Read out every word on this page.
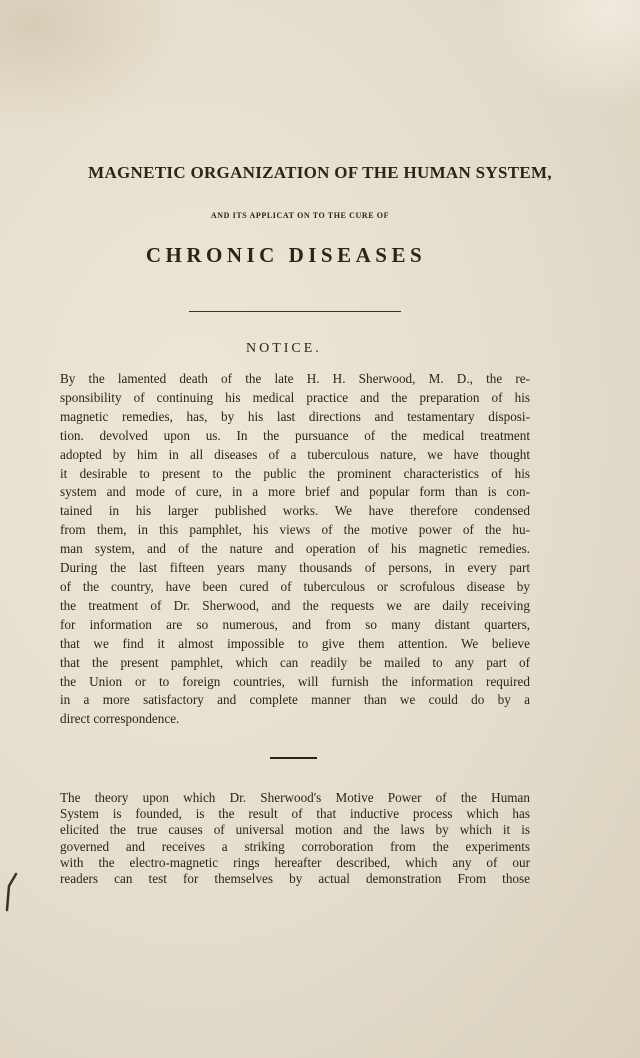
MAGNETIC ORGANIZATION OF THE HUMAN SYSTEM,
AND ITS APPLICAT ON TO THE CURE OF
CHRONIC DISEASES
NOTICE.
By the lamented death of the late H. H. Sherwood, M. D., the re-
sponsibility of continuing his medical practice and the preparation of his
magnetic remedies, has, by his last directions and testamentary disposi-
tion. devolved upon us. In the pursuance of the medical treatment
adopted by him in all diseases of a tuberculous nature, we have thought
it desirable to present to the public the prominent characteristics of his
system and mode of cure, in a more brief and popular form than is con-
tained in his larger published works. We have therefore condensed
from them, in this pamphlet, his views of the motive power of the hu-
man system, and of the nature and operation of his magnetic remedies.
During the last fifteen years many thousands of persons, in every part
of the country, have been cured of tuberculous or scrofulous disease by
the treatment of Dr. Sherwood, and the requests we are daily receiving
for information are so numerous, and from so many distant quarters,
that we find it almost impossible to give them attention. We believe
that the present pamphlet, which can readily be mailed to any part of
the Union or to foreign countries, will furnish the information required
in a more satisfactory and complete manner than we could do by a
direct correspondence.
The theory upon which Dr. Sherwood's Motive Power of the Human
System is founded, is the result of that inductive process which has
elicited the true causes of universal motion and the laws by which it is
governed and receives a striking corroboration from the experiments
with the electro-magnetic rings hereafter described, which any of our
readers can test for themselves by actual demonstration From those
